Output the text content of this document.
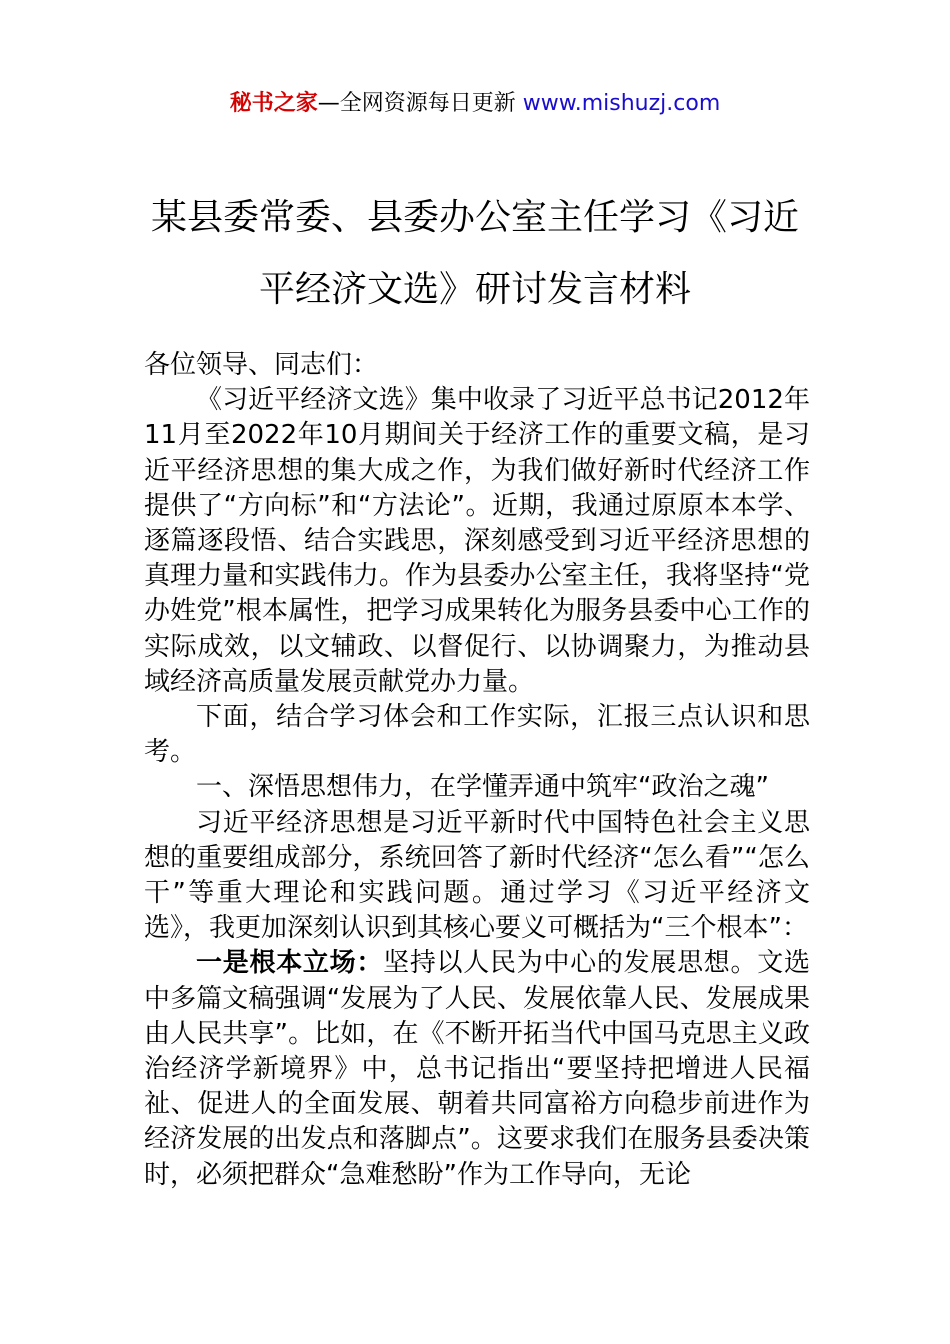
秘书之家—全网资源每日更新 www.mishuzj.com
某县委常委、县委办公室主任学习《习近
平经济文选》研讨发言材料

各位领导、同志们：

《习近平经济文选》集中收录了习近平总书记2012年11月至2022年10月期间关于经济工作的重要文稿，是习近平经济思想的集大成之作，为我们做好新时代经济工作提供了“方向标”和“方法论”。近期，我通过原原本本学、逐篇逐段悟、结合实践思，深刻感受到习近平经济思想的真理力量和实践伟力。作为县委办公室主任，我将坚持“党办姓党”根本属性，把学习成果转化为服务县委中心工作的实际成效，以文辅政、以督促行、以协调聚力，为推动县域经济高质量发展贡献党办力量。

下面，结合学习体会和工作实际，汇报三点认识和思考。

一、深悟思想伟力，在学懂弄通中筑牢“政治之魂”

习近平经济思想是习近平新时代中国特色社会主义思想的重要组成部分，系统回答了新时代经济“怎么看”“怎么干”等重大理论和实践问题。通过学习《习近平经济文选》，我更加深刻认识到其核心要义可概括为“三个根本”：

一是根本立场：坚持以人民为中心的发展思想。文选中多篇文稿强调“发展为了人民、发展依靠人民、发展成果由人民共享”。比如，在《不断开拓当代中国马克思主义政治经济学新境界》中，总书记指出“要坚持把增进人民福祉、促进人的全面发展、朝着共同富裕方向稳步前进作为经济发展的出发点和落脚点”。这要求我们在服务县委决策时，必须把群众“急难愁盼”作为工作导向，无论
